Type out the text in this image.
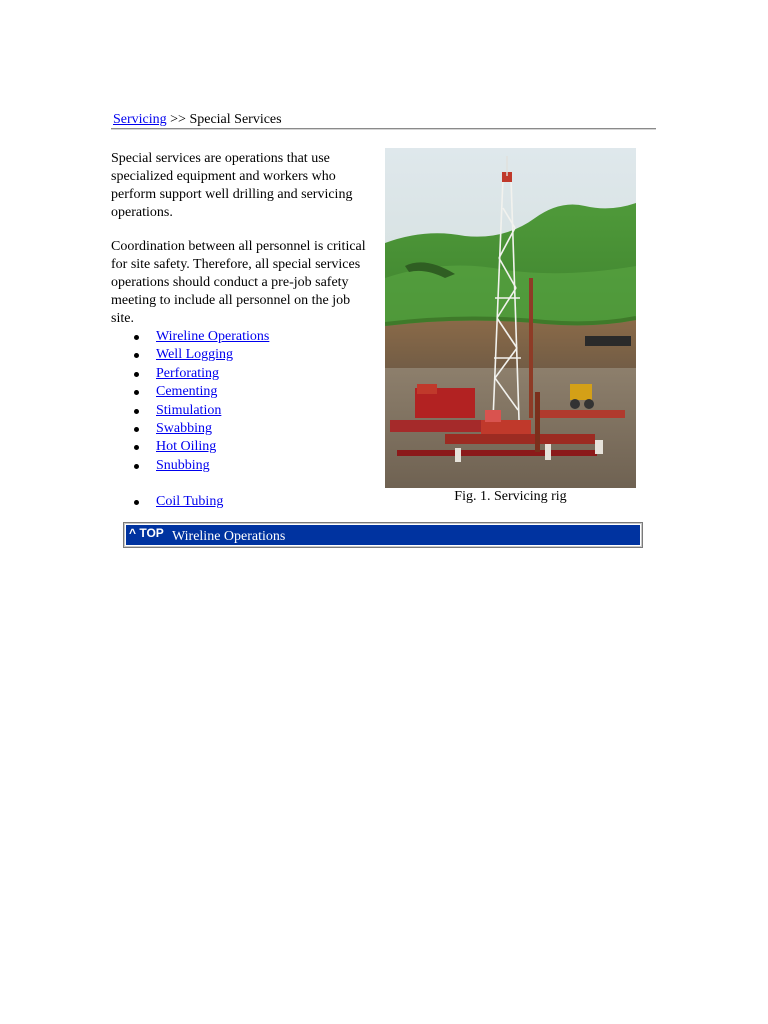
Servicing >> Special Services

Special services are operations that use specialized equipment and workers who perform support well drilling and servicing operations.

Coordination between all personnel is critical for site safety. Therefore, all special services operations should conduct a pre-job safety meeting to include all personnel on the job site.

Wireline Operations
Well Logging
Perforating
Cementing
Stimulation
Swabbing
Hot Oiling
Snubbing
Coil Tubing	Fig. 1. Servicing rig
^ TOP Wireline Operations
